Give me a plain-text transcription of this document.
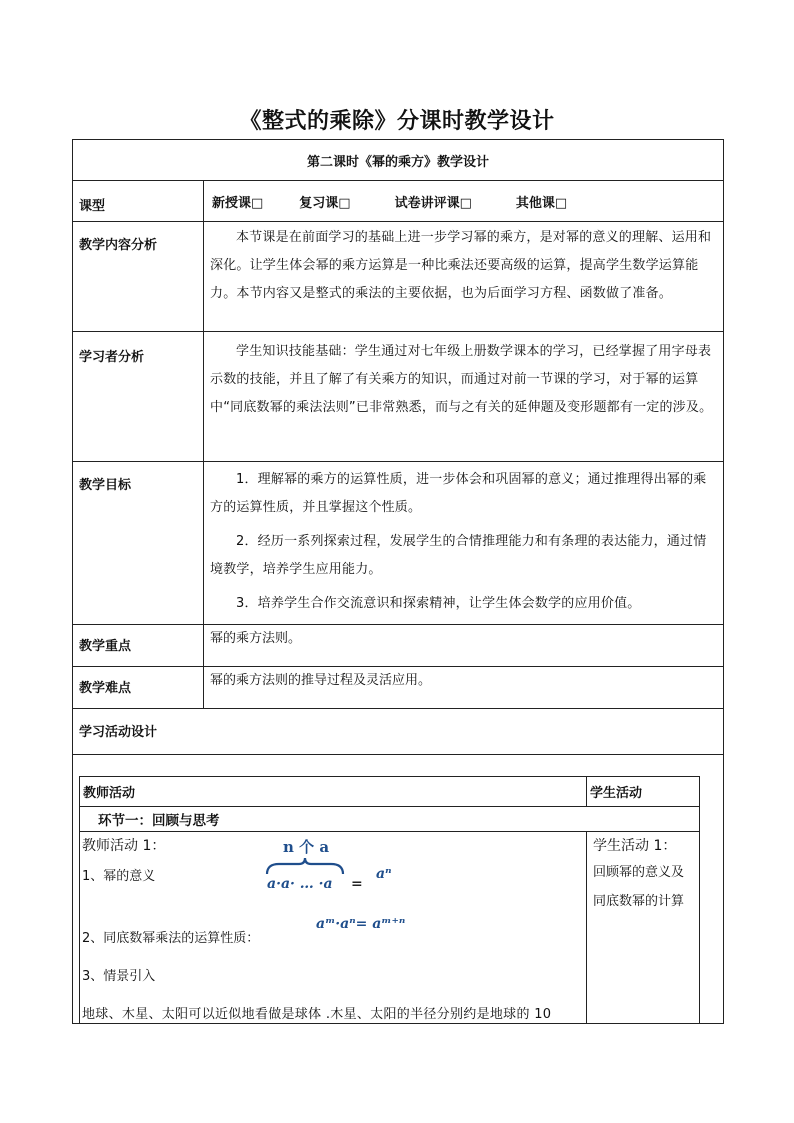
《整式的乘除》分课时教学设计
第二课时《幂的乘方》教学设计
课型	新授课□	复习课□	试卷讲评课□	其他课□

教学内容分析	本节课是在前面学习的基础上进一步学习幂的乘方，是对幂的意义的理解、运用和深化。让学生体会幂的乘方运算是一种比乘法还要高级的运算，提高学生数学运算能力。本节内容又是整式的乘法的主要依据，也为后面学习方程、函数做了准备。
学习者分析	学生知识技能基础：学生通过对七年级上册数学课本的学习，已经掌握了用字母表示数的技能，并且了解了有关乘方的知识，而通过对前一节课的学习，对于幂的运算中“同底数幂的乘法法则”已非常熟悉，而与之有关的延伸题及变形题都有一定的涉及。
教学目标	1．理解幂的乘方的运算性质，进一步体会和巩固幂的意义；通过推理得出幂的乘方的运算性质，并且掌握这个性质。

2．经历一系列探索过程，发展学生的合情推理能力和有条理的表达能力，通过情境教学，培养学生应用能力。

3．培养学生合作交流意识和探索精神，让学生体会数学的应用价值。

教学重点	幂的乘方法则。
教学难点	幂的乘方法则的推导过程及灵活应用。
学习活动设计

教师活动	学生活动
环节一：回顾与思考

教师活动 1：
1、幂的意义
n 个 a
a·a· … ·a =
aⁿ
2、同底数幂乘法的运算性质：
aᵐ·aⁿ= aᵐ⁺ⁿ
3、情景引入
地球、木星、太阳可以近似地看做是球体 .木星、太阳的半径分别约是地球的 10

学生活动 1：
回顾幂的意义及同底数幂的计算
